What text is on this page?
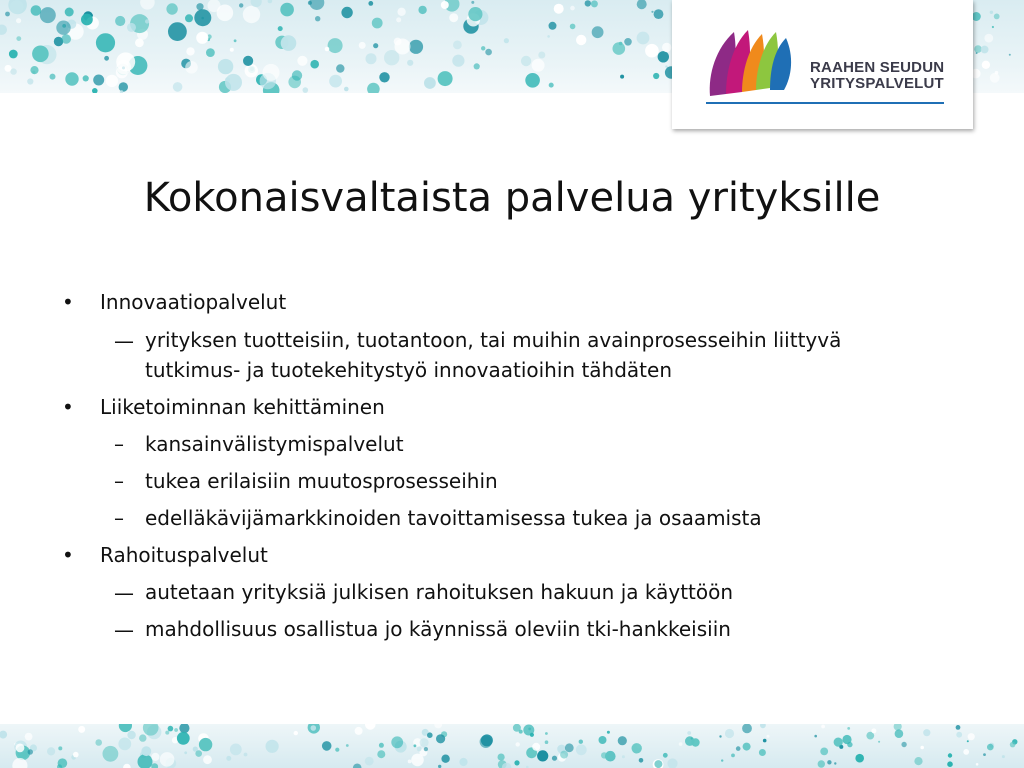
RAAHEN SEUDUN
YRITYSPALVELUT
Kokonaisvaltaista palvelua yrityksille
• Innovaatiopalvelut
— yrityksen tuotteisiin, tuotantoon, tai muihin avainprosesseihin liittyvä
tutkimus- ja tuotekehitystyö innovaatioihin tähdäten
• Liiketoiminnan kehittäminen
– kansainvälistymispalvelut
– tukea erilaisiin muutosprosesseihin
– edelläkävijämarkkinoiden tavoittamisessa tukea ja osaamista
• Rahoituspalvelut
— autetaan yrityksiä julkisen rahoituksen hakuun ja käyttöön
— mahdollisuus osallistua jo käynnissä oleviin tki-hankkeisiin
